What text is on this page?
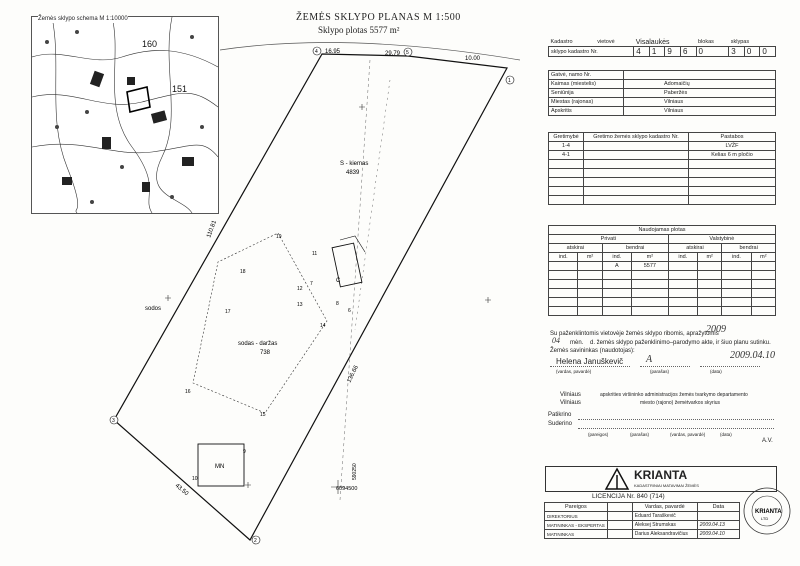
160
151
Žemės sklypo schema M 1:10000	ŽEMĖS SKLYPO PLANAS M 1:500
Sklypo plotas 5577 m²
16.95	29.79
10.00
110.81
136.66
43.50
4
2
3
5
1
S - kiemas
4839
sodas - daržas
738
sodos
C
MN
19
18
17
16
15
14
13
12
11
10
9
8
7
6
590250
6094500
Kadastro	vietovė	Visalaukės				blokas	sklypas		
sklypo kadastro Nr.		4	1	9	6	0	3	0	0
Gatvė, namo Nr.	
Kaimas (miestelis)	Adomaičių
Seniūnija	Paberžės
Miestas (rajonas)	Vilniaus
Apskritis	Vilniaus
Gretimybė	Gretimo žemės sklypo kadastro Nr.	Pastabos
1-4		LVŽF
4-1		Kelias 6 m pločio

Naudojamas plotas							
Privati				Valstybinė			
atskirai		bendrai		atskirai		bendrai	
ind.	m²	ind.	m²	ind.	m²	ind.	m²
		A	5577				

Su paženklintomis vietovėje žemės sklypo ribomis, apražytomis
2009
mėn.
04	d. žemės sklypo paženklinimo–parodymo akte, ir šiuo planu sutinku.
Žemės savininkas (naudotojas):
Helena Januškevič A	2009.04.10
(vardas, pavardė)	(parašas)	(data)
Vilniaus	apskrities viršininko administracijos žemės tvarkymo departamento
Vilniaus	miesto (rajono) žemėtvarkos skyrius
Patikrino
Suderino
(pareigos)	(parašas)	(vardas, pavardė)	(data)
A.V.
KRIANTA
KADASTRINIAI MATAVIMAI ŽEMĖS
LICENCIJA Nr. 840 (714)
KRIANTA
LTD
Pareigos		Vardas, pavardė	Data
DIREKTORIUS		Eduard Taraškevič	
MATININKAS - EKSPERTAS		Aleksej Strumskas	2009.04.13
MATININKAS		Darius Aleksandravičius	2009.04.10
